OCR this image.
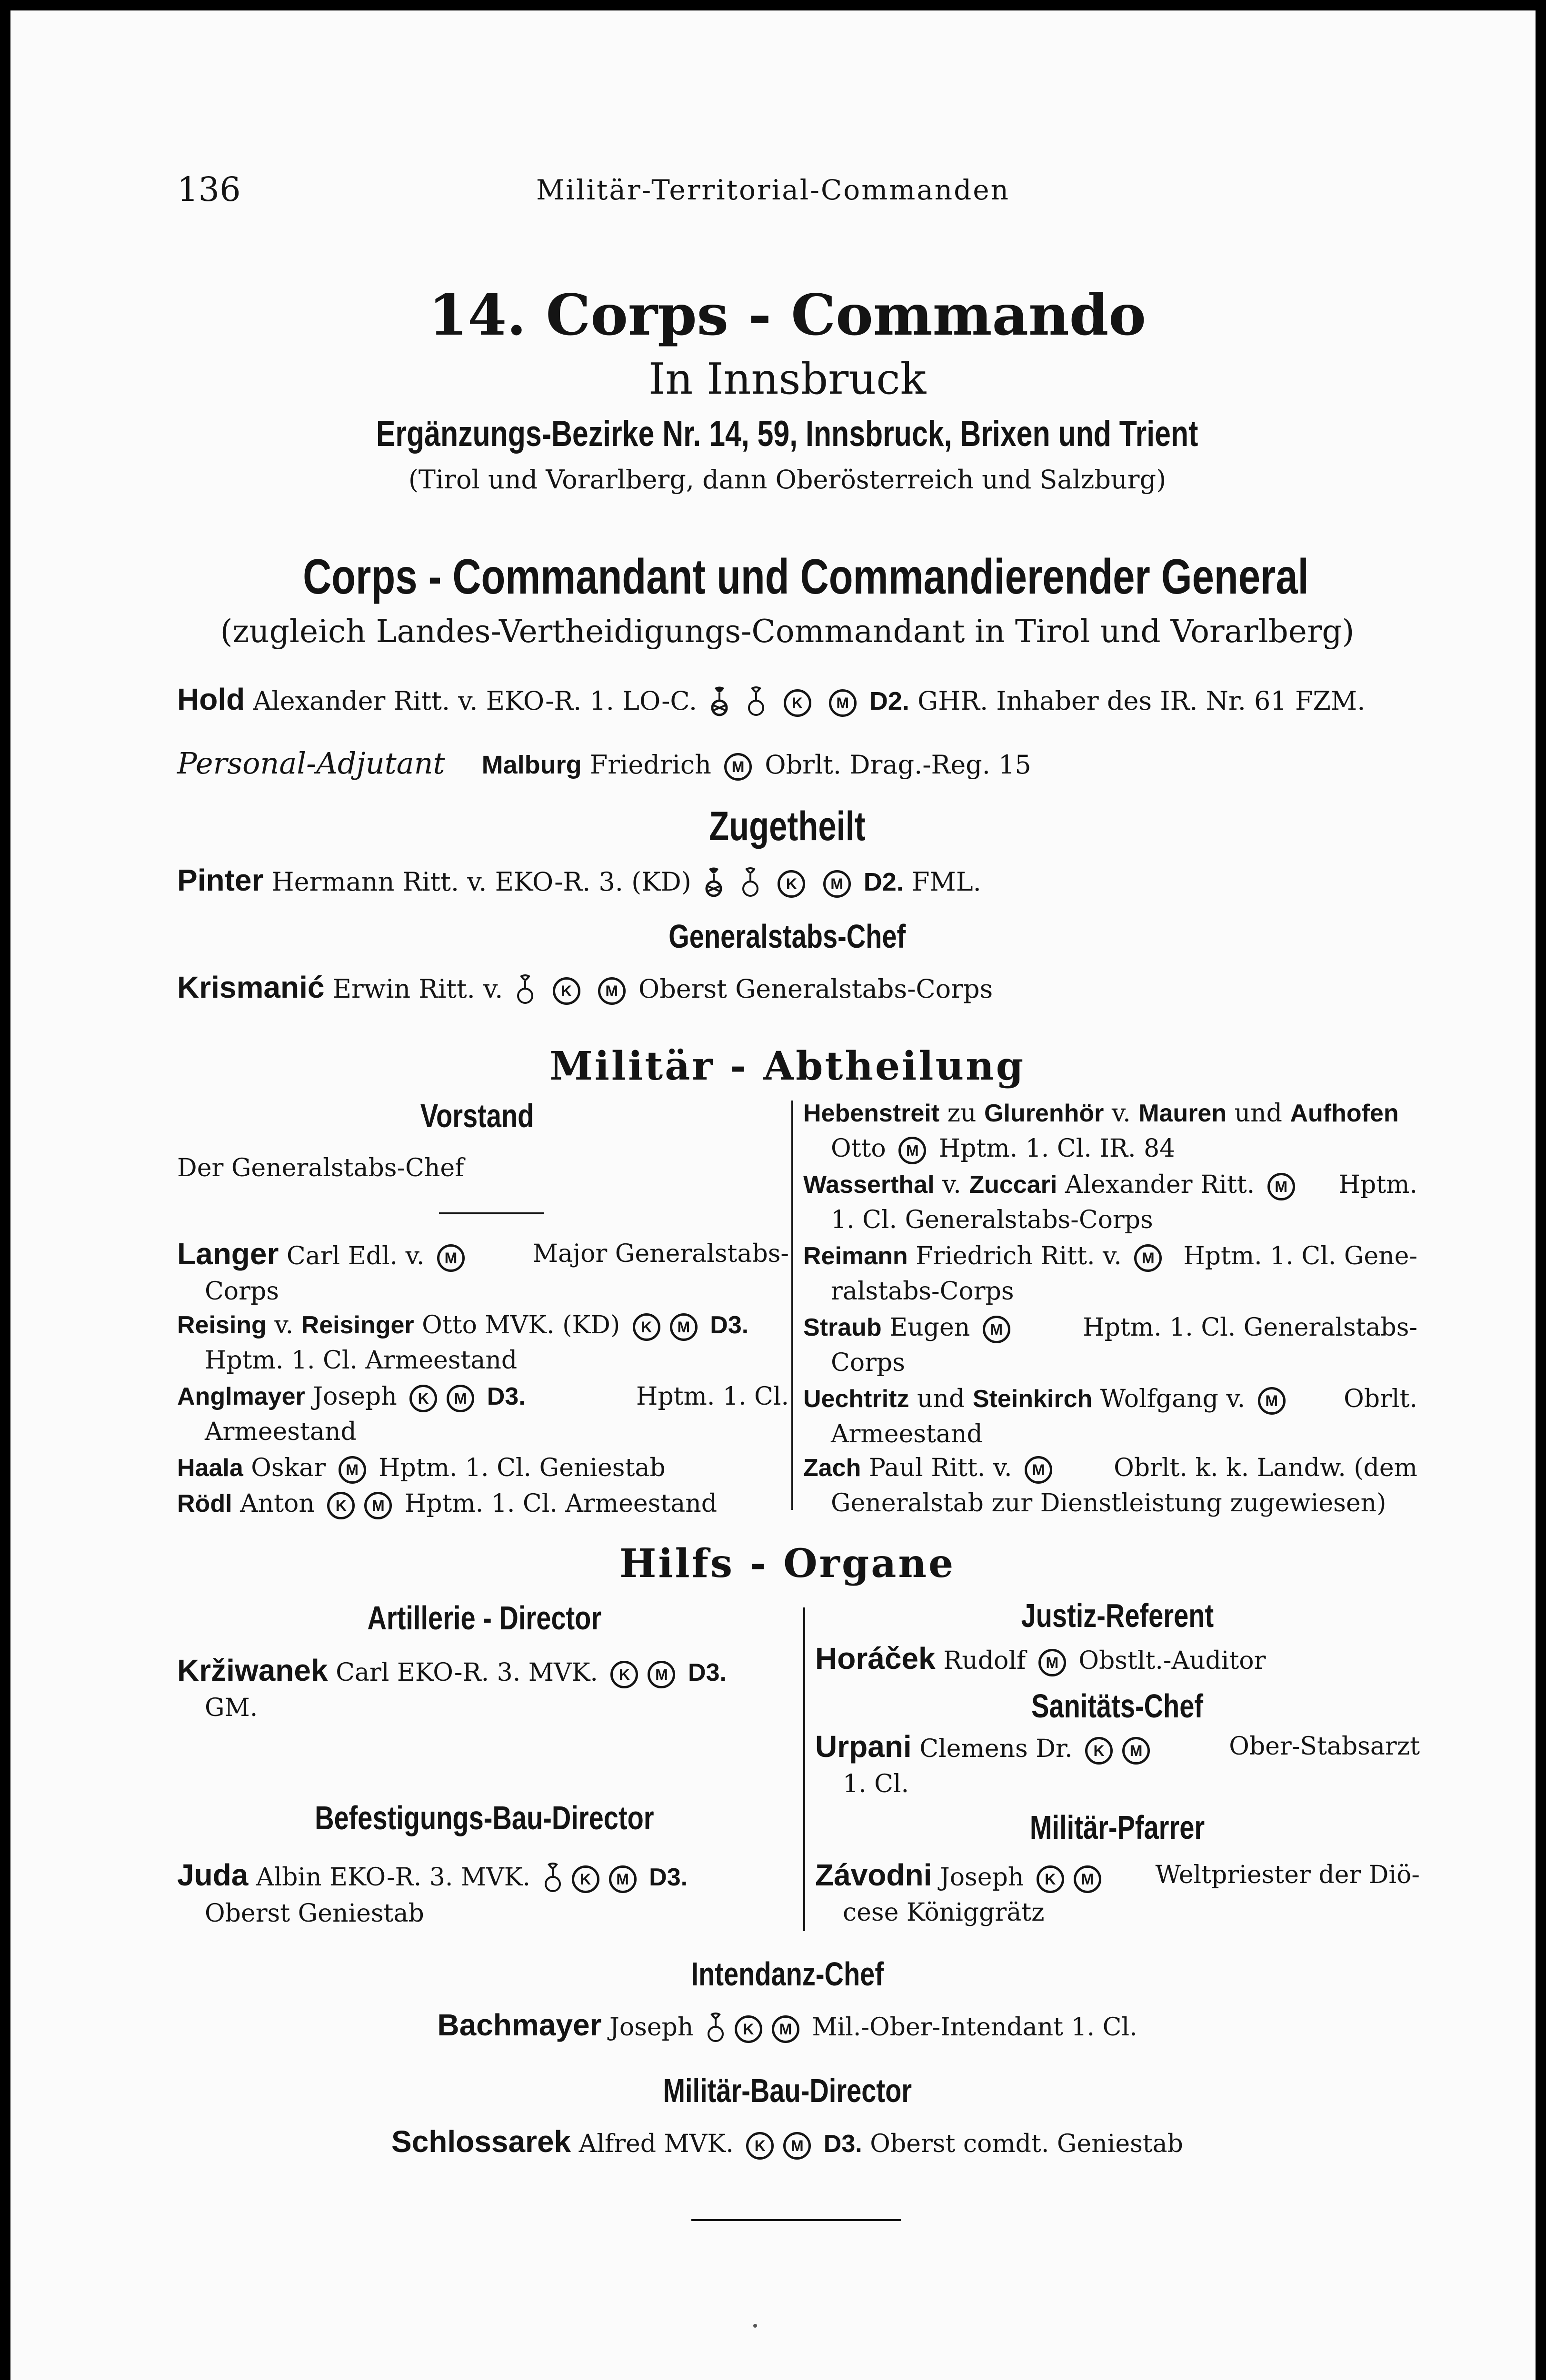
136	Militär-Territorial-Commanden
14. Corps - Commando
In Innsbruck
Ergänzungs-Bezirke Nr. 14, 59, Innsbruck, Brixen und Trient
(Tirol und Vorarlberg, dann Oberösterreich und Salzburg)
Corps - Commandant und Commandierender General
(zugleich Landes-Vertheidigungs-Commandant in Tirol und Vorarlberg)
Hold Alexander Ritt. v. EKO-R. 1. LO-C.	K M D2. GHR. Inhaber des IR. Nr. 61 FZM.
Personal-Adjutant Malburg Friedrich M Obrlt. Drag.-Reg. 15
Zugetheilt
Pinter Hermann Ritt. v. EKO-R. 3. (KD)	K M D2. FML.
Generalstabs-Chef
Krismanić Erwin Ritt. v.	K M Oberst Generalstabs-Corps
Militär - Abtheilung
Vorstand
Der Generalstabs-Chef
Langer Carl Edl. v. M	Major Generalstabs-
Corps
Reising v. Reisinger Otto MVK. (KD) K M D3.
Hptm. 1. Cl. Armeestand
Anglmayer Joseph K M D3.	Hptm. 1. Cl.
Armeestand
Haala Oskar M Hptm. 1. Cl. Geniestab
Rödl Anton K M Hptm. 1. Cl. Armeestand
Hebenstreit zu Glurenhör v. Mauren und Aufhofen
Otto M Hptm. 1. Cl. IR. 84
Wasserthal v. Zuccari Alexander Ritt. M	Hptm.
1. Cl. Generalstabs-Corps
Reimann Friedrich Ritt. v. M	Hptm. 1. Cl. Gene-
ralstabs-Corps
Straub Eugen M	Hptm. 1. Cl. Generalstabs-
Corps
Uechtritz und Steinkirch Wolfgang v. M	Obrlt.
Armeestand
Zach Paul Ritt. v. M	Obrlt. k. k. Landw. (dem
Generalstab zur Dienstleistung zugewiesen)
Hilfs - Organe
Artillerie - Director
Kržiwanek Carl EKO-R. 3. MVK. K M D3.
GM.
Befestigungs-Bau-Director
Juda Albin EKO-R. 3. MVK.	K M D3.
Oberst Geniestab
Justiz-Referent
Horáček Rudolf M Obstlt.-Auditor
Sanitäts-Chef
Urpani Clemens Dr. K M	Ober-Stabsarzt
1. Cl.
Militär-Pfarrer
Závodni Joseph K M	Weltpriester der Diö-
cese Königgrätz
Intendanz-Chef
Bachmayer Joseph	K M Mil.-Ober-Intendant 1. Cl.
Militär-Bau-Director
Schlossarek Alfred MVK. K M D3. Oberst comdt. Geniestab
